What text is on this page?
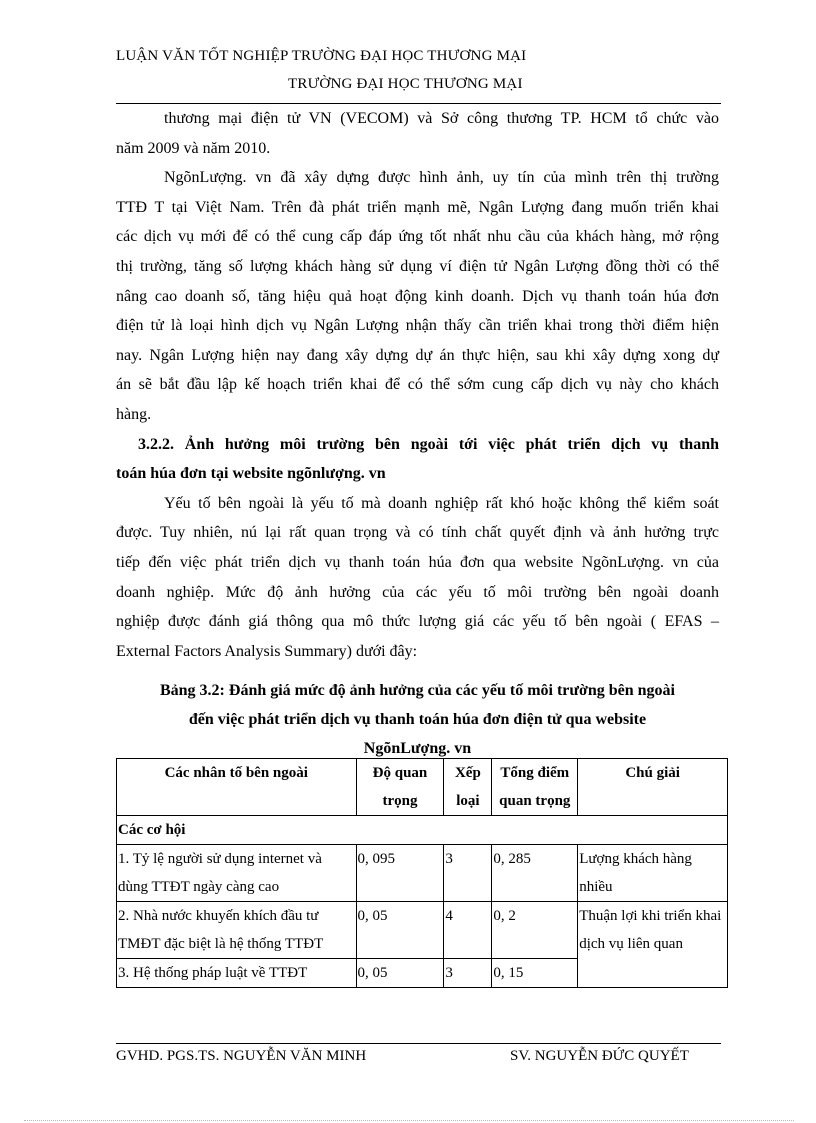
LUẬN VĂN TỐT NGHIỆP TRƯỜNG ĐẠI HỌC THƯƠNG MẠI
TRƯỜNG ĐẠI HỌC THƯƠNG MẠI

thương mại điện tử VN (VECOM) và Sở công thương TP. HCM tổ chức vào

năm 2009 và năm 2010.

NgõnLượng. vn đã xây dựng được hình ảnh, uy tín của mình trên thị trường

TTĐ T tại Việt Nam. Trên đà phát triển mạnh mẽ, Ngân Lượng đang muốn triển khai

các dịch vụ mới để có thể cung cấp đáp ứng tốt nhất nhu cầu của khách hàng, mở rộng

thị trường, tăng số lượng khách hàng sử dụng ví điện tử Ngân Lượng đồng thời có thể

nâng cao doanh số, tăng hiệu quả hoạt động kinh doanh. Dịch vụ thanh toán húa đơn

điện tử là loại hình dịch vụ Ngân Lượng nhận thấy cần triển khai trong thời điểm hiện

nay. Ngân Lượng hiện nay đang xây dựng dự án thực hiện, sau khi xây dựng xong dự

án sẽ bắt đầu lập kế hoạch triển khai để có thể sớm cung cấp dịch vụ này cho khách

hàng.

3.2.2. Ảnh hưởng môi trường bên ngoài tới việc phát triển dịch vụ thanh

toán húa đơn tại website ngõnlượng. vn

Yếu tố bên ngoài là yếu tố mà doanh nghiệp rất khó hoặc không thể kiểm soát

được. Tuy nhiên, nú lại rất quan trọng và có tính chất quyết định và ảnh hưởng trực

tiếp đến việc phát triển dịch vụ thanh toán húa đơn qua website NgõnLượng. vn của

doanh nghiệp. Mức độ ảnh hưởng của các yếu tố môi trường bên ngoài doanh

nghiệp được đánh giá thông qua mô thức lượng giá các yếu tố bên ngoài ( EFAS –

External Factors Analysis Summary) dưới đây:

Bảng 3.2: Đánh giá mức độ ảnh hưởng của các yếu tố môi trường bên ngoài
đến việc phát triển dịch vụ thanh toán húa đơn điện tử qua website
NgõnLượng. vn
Các nhân tố bên ngoài	Độ quan trọng	Xếp loại	Tổng điểm quan trọng	Chú giải
Các cơ hội				
1. Tỷ lệ người sử dụng internet và dùng TTĐT ngày càng cao	0, 095	3	0, 285	Lượng khách hàng nhiều
2. Nhà nước khuyến khích đầu tư TMĐT đặc biệt là hệ thống TTĐT	0, 05	4	0, 2	Thuận lợi khi triển khai dịch vụ liên quan
3. Hệ thống pháp luật về TTĐT	0, 05	3	0, 15	
GVHD. PGS.TS. NGUYỄN VĂN MINH	SV. NGUYỄN ĐỨC QUYẾT
